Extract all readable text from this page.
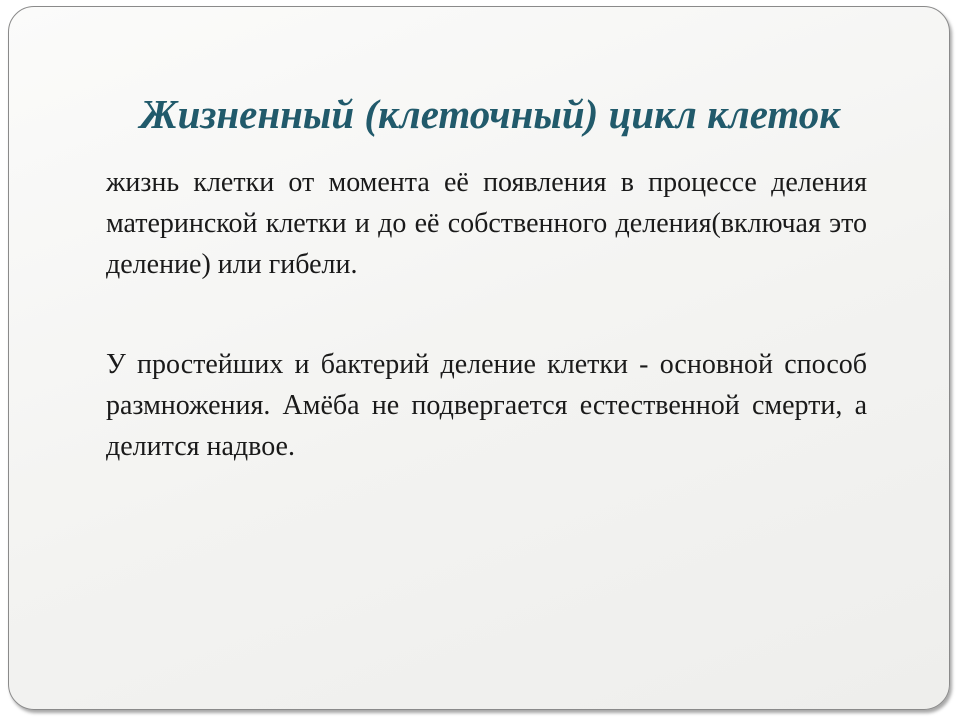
Жизненный (клеточный) цикл клеток

жизнь клетки от момента её появления в процессе деления материнской клетки и до её собственного деления(включая это деление) или гибели.

У простейших и бактерий деление клетки - основной способ размножения. Амёба не подвергается естественной смерти, а делится надвое.
